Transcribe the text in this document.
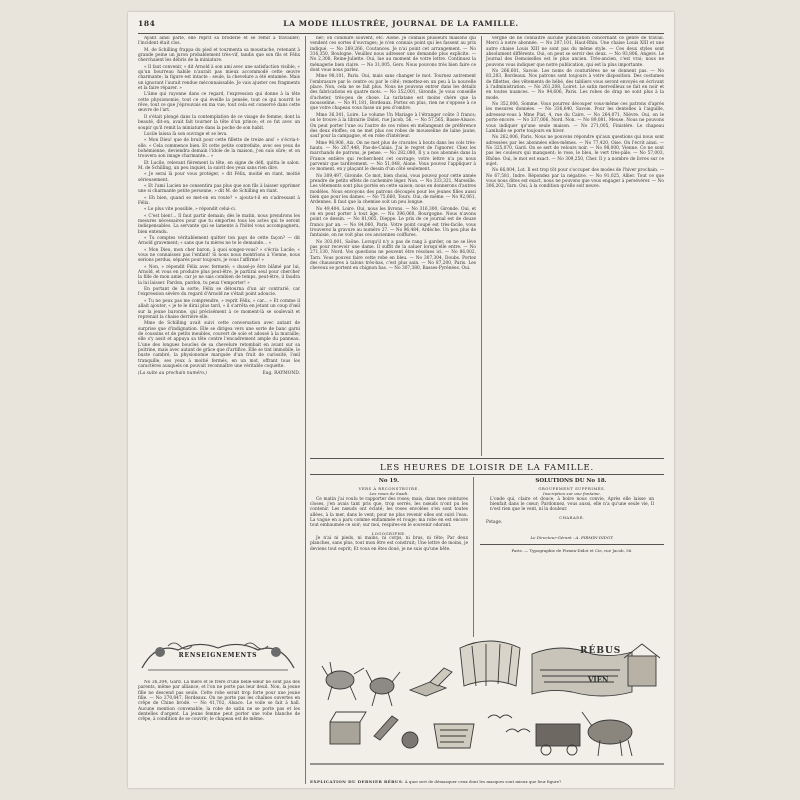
184	LA MODE ILLUSTRÉE, JOURNAL DE LA FAMILLE.

Ayant ainsi parlé, elle reprit sa broderie et se remit à travailler; l'incident était clos.

M. de Schilling frappa du pied et tourmenta sa moustache, retenant à grande peine un juron probablement très-vif, tandis que son fils et Félix cherchaient les débris de la miniature.

« Il faut convenir, » dit Arnold à son ami avec une satisfaction visible, « qu'un bourreau habile n'aurait pas mieux accommodé cette œuvre charmante; la figure est intacte : seule, la chevelure a été entamée. Mais un ignorant l'aurait rendue méconnaissable. Je vais ajuster ces fragments et la faire réparer. »

L'âme qui rayonne dans ce regard, l'expression qui donne à la tête cette physionomie, tout ce qui éveille la pensée, tout ce qui nourrit le rêve, tout ce que j'éprouvais en ma vue, tout cela est conservé dans cette œuvre de l'art.

Il s'était plongé dans la contemplation de ce visage de femme, dont la beauté, dit-on, avait fait tourner la tête d'un prince; et ce fut avec un soupir qu'il remit la miniature dans la poche de son habit.

Lucile laissa là son ouvrage et se leva.

« Mon Dieu! que de bruit pour cette fillette de treize ans! » s'écria-t-elle. « Cela commence bien. Et cette petite contrefaite, avec ses yeux de bohémienne, deviendra demain l'idole de la maison, j'en suis sûre; et on trouvera son image charmante... »

Et Lucile, relevant fièrement la tête, en signe de défi, quitta le salon. M. de Schilling, un peu inquiet, la suivit des yeux sans rien dire.

« Je serai là pour vous protéger, » dit Félix, moitié en riant, moitié sérieusement.

« Et l'ami Lucien ne consentira pas plus que son fils à laisser opprimer une si charmante petite personne, » dit M. de Schilling en riant.

« Eh bien, quand se met-on en route? » ajouta-t-il en s'adressant à Félix.

« Le plus vite possible, » répondit celui-ci.

« C'est bien!... Il faut partir demain; dès le matin, nous prendrons les mesures nécessaires pour que tu emportes tous les actes qui te seront indispensables. La servante qui se lamente à l'hôtel vous accompagnera, bien entendu.

« Tu comptes véritablement quitter ton pays de cette façon? — dit Arnold gravement; « sans que tu mères ne te le demande... »

« Mon Dieu, mon cher baron, à quoi songez-vous? » s'écria Lucile; « vous ne connaissez pas l'enfant! Si nous nous montrions à Vienne, nous serions perdus, séparés pour toujours, je vous l'affirme! »

« Non, » répondit Félix avec fermeté; « dussé-je être blâmé par lui, Arnold, et vous en produire plus peut-être, je partirai seul pour chercher la fille de mon amie, car je ne sais combien de temps, peut-être, il faudra la lui laisser. Pardon, pardon, tu peux t'emporter! »

En portant de la sorte, Félix se détourna d'un air contrarié, car l'expression sévère du regard d'Arnold ne s'était point adoucie.

« Tu ne peux pas me comprendre, » reprit Félix, « car... » Et comme il allait ajouter, « je te le dirai plus tard, » il s'arrêta en jetant un coup d'œil sur la jeune baronne, qui précisément à ce moment-là se soulevait et reprenait la chaise derrière elle.

Mme de Schilling avait suivi cette conversation avec autant de surprise que d'indignation. Elle se dirigea vers une sorte de banc garni de coussins et de petits meubles, couvert de soie et adossé à la muraille; elle s'y assit et appuya sa tête contre l'encadrement ample du panneau. L'une des longues boucles de sa chevelure retombait en avant sur sa poitrine, mais avec autant de grâce que d'artifice. Elle se tint immobile, le buste cambré, la physionomie marquée d'un fruit de curiosité, l'œil tranquille, ses yeux à moitié fermés, en un mot, offrant tous les caractères auxquels on pouvait reconnaître une véritable coquette.

(La suite au prochain numéro.)	Eug. RAYMOND.
RENSEIGNEMENTS

No 36,304, Gard. La mère et le frère d'une belle-sœur ne sont pas des parents, même par alliance, et l'on ne porte pas leur deuil. Non, la jeune fille ne descend pas seule. Cette robe serait trop forte pour une jeune fille. — No 270,847, Bordeaux. On ne porte pas les chaînes ouvertes en crêpe de Chine brodé. — No 41,702, Alsace. Le voile se fait à hall. Aucune mention convenable; la robe de satin ne se porte pas et les dentelles d'argent. La jeune femme peut porter une robe blanche de crêpe, à condition de se couvrir; le chapeau est de même.

ner; on conduire souvent, etc. Alone. Je connais plusieurs maisons qui vendent ces sortes d'ouvrages; je n'en connais point qui les fassent au prix indiqué. — No 269,266, Coutances. Je n'ai point cet arrangement. — No 316,350, Boulogne. Veuillez nous adresser une demande plus explicite. — No 2,308, Reine-Juliette. Oui, lue au moment de votre lettre. Continuez la ménagerie bien claire. — No 31,005, Gers. Nous pouvons très bien faire ce dont vous nous parlez.

Mme 98,101, Paris. Oui, mais sans changer le mot. Tournez autrement l'embrasure par le centre ou par le côté; remettez-en un peu à la nouvelle place. Non, cela ne se fait plus. Nous ne pouvons entrer dans les détails des fabrications en quatre mots. — No 352,001, Gironde. Je vous conseille d'acheter, très-peu de chose. La tarlatane est moins chère que la mousseline. — No 91,181, Bordeaux. Portez en plus, rien ne s'oppose à ce que votre chapeau vous fasse un peu d'ombre.

Mme 36,341, Loire. Le volume Un Mariage à l'étranger coûte 3 francs; on le trouve à la librairie Didot, rue Jacob, 56. — No 57,565, Basse-Alsace. On peut porter l'une ou l'autre de ces robes en mélangeant de préférence des deux étoffes; on ne met plus ces robes de mousseline de laine jaune, sauf pour la campagne, et en robe d'intérieur.

Mme 96,906, Aix. On ne met plus de cravates à bouts dans les cols très-hauts. — No 267,448, Pas-de-Calais. J'ai le regret de l'ignorer. Chez les marchands de patrons, je pense. — No 282,080, Il y a nos abonnés dans la France entière qui recherchent cet ouvrage; votre lettre n'a pu nous parvenir que tardivement. — No 51,048, Alone. Vous pouvez l'appliquer à ce moment, en y plaçant le dessin d'un côté seulement.

No 309,497, Gironde. Ce mot, bien choisi, vous pouvez pour cette année prendre de petits effets de cachemire léger. Non. — No 333,321, Marseille. Les vêtements sont plus portés en cette saison; nous en donnerons d'autres modèles. Nous envoyons des patrons découpés pour les jeunes filles aussi bien que pour les dames. — No 75,660, Tours. Oui, de même. — No 92,061, Ardennes. Il faut que la chemise soit un peu longue.

No 49,404, Loire. Oui, nous les livrons. — No 316,300, Gironde. Oui, et on en peut porter à tout âge. — No 396,060, Bourgogne. Nous n'avons point ce dessin. — No 81,065, Dieppe. Le prix de ce journal est de douze francs par an. — No 84,060, Paris. Votre point coupé est très-facile, vous trouverez la gravure au numéro 27. — No 96,484, Ardèche. Un peu plus de fantaisie, on ne voit plus ces anciennes coiffures.

No 303,001, Saône. Lorsqu'il n'y a pas de rang à garder, on ne se lève pas pour recevoir une dame. Il suffit de la saluer lorsqu'elle entre. — No 271,130, Nord. Vos questions ne peuvent être résolues ici. — No 86,002, Tarn. Vous pouvez faire cette robe en bleu. — No 307,304, Doubs. Portez des chaussures à talons très-bas, c'est plus sain. — No 87,200, Paris. Les cheveux se portent en chignon bas. — No 307,380, Basses-Pyrénées. Oui.

vergne de ne connaître aucune publication concernant ce genre de travail. Merci à notre abonnée. — No 207,101, Haut-Rhin. Une chaise Louis XIII et une autre chaise Louis XIII ne sont pas du même style. — Ces deux styles sont absolument différents. Oui, on peut se servir des deux. — No 93,806, Angers. Le Journal des Demoiselles est le plus ancien. Très-ancien, c'est vrai; nous ne pouvons vous indiquer que notre publication, qui est la plus importante.

No 266,601, Savoie. Les noms de couturières ne se donnent pas. — No 83,203, Bordeaux. Nos patrons sont toujours à votre disposition. Des costumes de fillettes, des vêtements de bébé, des tabliers vous seront envoyés en écrivant à l'administration. — No 261,208, Loiret. Le satin merveilleux se fait en noir et en toutes nuances. — No 94,606, Paris. Les robes de drap ne sont plus à la mode.

No 352,006, Somme. Vous pourrez découper vous-même ces patrons d'après les mesures données. — No 336,640, Savoie. Pour les dentelles à l'aiguille, adressez-vous à Mme Piat, 4, rue du Caire. — No 264,071, Nièvre. Oui, on le porte encore. — No 337,006, Nord. Non. — No 89,081, Meuse. Nous ne pouvons vous indiquer qu'une seule maison. — No 271,005, Finistère. Le chapeau Lamballe se porte toujours en hiver.

No 262,006, Paris. Nous ne pouvons répondre qu'aux questions qui nous sont adressées par les abonnées elles-mêmes. — No 77,420, Oise. On l'écrit ainsi. — No 325,070, Gard. On se sert de velours noir. — No 98,000, Vienne. Ce ne sont pas les couleurs qui manquent; le rose, le bleu, le vert très-pâle. — No 57,003, Rhône. Oui, le mot est exact. — No 309,250, Cher. Il y a nombre de livres sur ce sujet.

No 66,004, Lot. Il est trop tôt pour s'occuper des modes de l'hiver prochain. — No 67,581, Indre. Répondez par la négative. — No 91,025, Allier. Tout ce que vous nous dites est exact, nous ne pouvons que vous engager à persévérer. — No 306,202, Tarn. Oui, à la condition qu'elle soit neuve.

LES HEURES DE LOISIR DE LA FAMILLE.
No 19.	SOLUTIONS DU No 18.
VERS À RECONSTRUIRE.
Les roses de Saadi.

Ce matin j'ai voulu te rapporter des roses; mais, dans mes ceintures closes, j'en avais tant pris que, trop serrés, les nœuds n'ont pu les contenir. Les nœuds ont éclaté; les roses envolées s'en sont toutes allées, à la mer, dans le vent; pour ne plus revenir elles ont suivi l'eau. La vague en a paru comme enflammée et rouge; ma robe en est encore tout embaumée ce soir; sur moi, respires-en le souvenir odorant.

LOGOGRIPHE.

Je n'ai ni pieds, ni mains, ni corps, ni bras, ni tête; Par deux planches, sans plus, tout mon être est construit; Une lettre de moins, je deviens tout esprit; Et vous en êtes doué, je ne suis qu'une bête.

GROUPEMENT SUPPRIMÉS.
Inscription sur une fontaine.

L'onde qui, claire et douce, à boire nous convie, Après elle laisse un bienfait dans le cœur; Pardonnez, vous aussi, elle n'a qu'une seule vie, Il n'est rien que le vent, ni la douleur.

CHARADE.

Potage.

Le Directeur-Gérant : A. FIRMIN-DIDOT.
Paris. — Typographie de Firmin-Didot et Cie, rue Jacob, 56.
RÉBUS
VIEN
EXPLICATION DU DERNIER RÉBUS: À quoi sert de démasquer ceux dont les masques sont mieux que leur figure?
